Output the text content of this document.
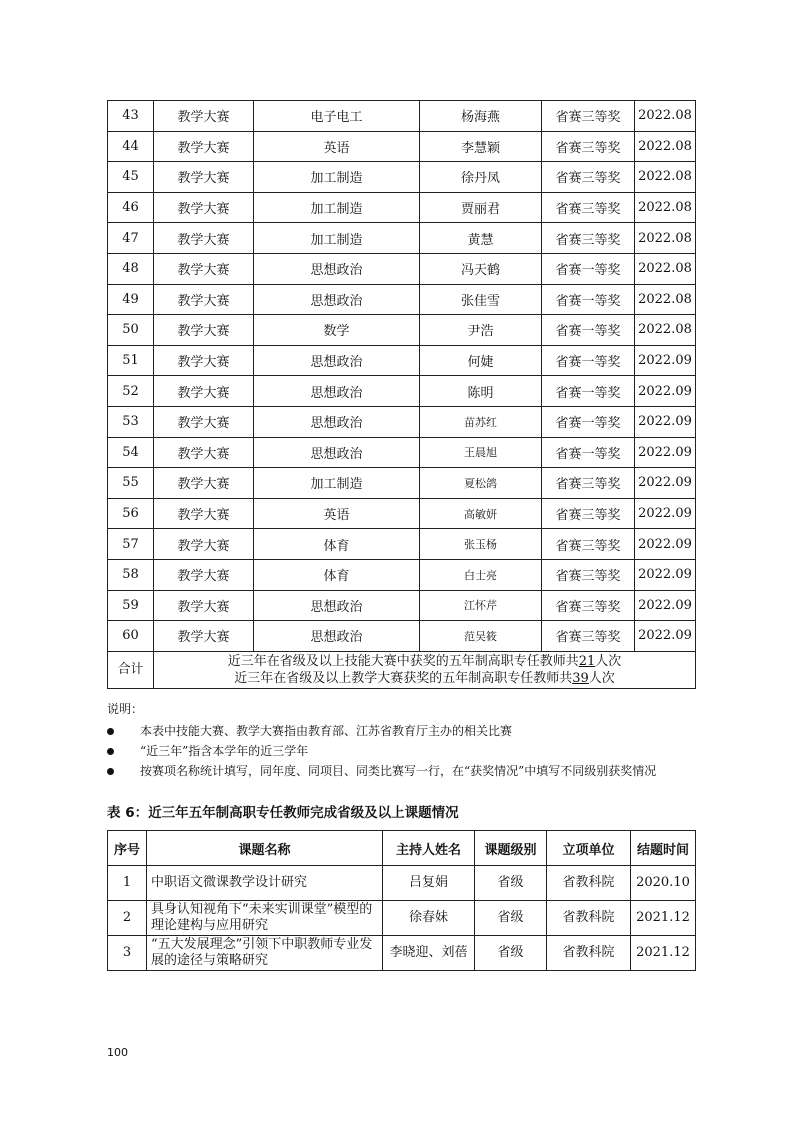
43	教学大赛	电子电工	杨海燕	省赛三等奖	2022.08
44	教学大赛	英语	李慧颖	省赛三等奖	2022.08
45	教学大赛	加工制造	徐丹凤	省赛三等奖	2022.08
46	教学大赛	加工制造	贾丽君	省赛三等奖	2022.08
47	教学大赛	加工制造	黄慧	省赛三等奖	2022.08
48	教学大赛	思想政治	冯天鹤	省赛一等奖	2022.08
49	教学大赛	思想政治	张佳雪	省赛一等奖	2022.08
50	教学大赛	数学	尹浩	省赛一等奖	2022.08
51	教学大赛	思想政治	何婕	省赛一等奖	2022.09
52	教学大赛	思想政治	陈明	省赛一等奖	2022.09
53	教学大赛	思想政治	苗苏红	省赛一等奖	2022.09
54	教学大赛	思想政治	王晨旭	省赛一等奖	2022.09
55	教学大赛	加工制造	夏松鸽	省赛三等奖	2022.09
56	教学大赛	英语	高敏妍	省赛三等奖	2022.09
57	教学大赛	体育	张玉杨	省赛三等奖	2022.09
58	教学大赛	体育	白士亮	省赛三等奖	2022.09
59	教学大赛	思想政治	江怀芹	省赛三等奖	2022.09
60	教学大赛	思想政治	范吴筱	省赛三等奖	2022.09
合计	近三年在省级及以上技能大赛中获奖的五年制高职专任教师共21人次
近三年在省级及以上教学大赛获奖的五年制高职专任教师共39人次				
说明：
本表中技能大赛、教学大赛指由教育部、江苏省教育厅主办的相关比赛
“近三年”指含本学年的近三学年
按赛项名称统计填写，同年度、同项目、同类比赛写一行，在“获奖情况”中填写不同级别获奖情况
表 6：近三年五年制高职专任教师完成省级及以上课题情况
序号	课题名称	主持人姓名	课题级别	立项单位	结题时间
1	中职语文微课教学设计研究	吕复娟	省级	省教科院	2020.10
2	具身认知视角下“未来实训课堂”模型的理论建构与应用研究	徐春妹	省级	省教科院	2021.12
3	“五大发展理念”引领下中职教师专业发展的途径与策略研究	李晓迎、刘蓓	省级	省教科院	2021.12
100
